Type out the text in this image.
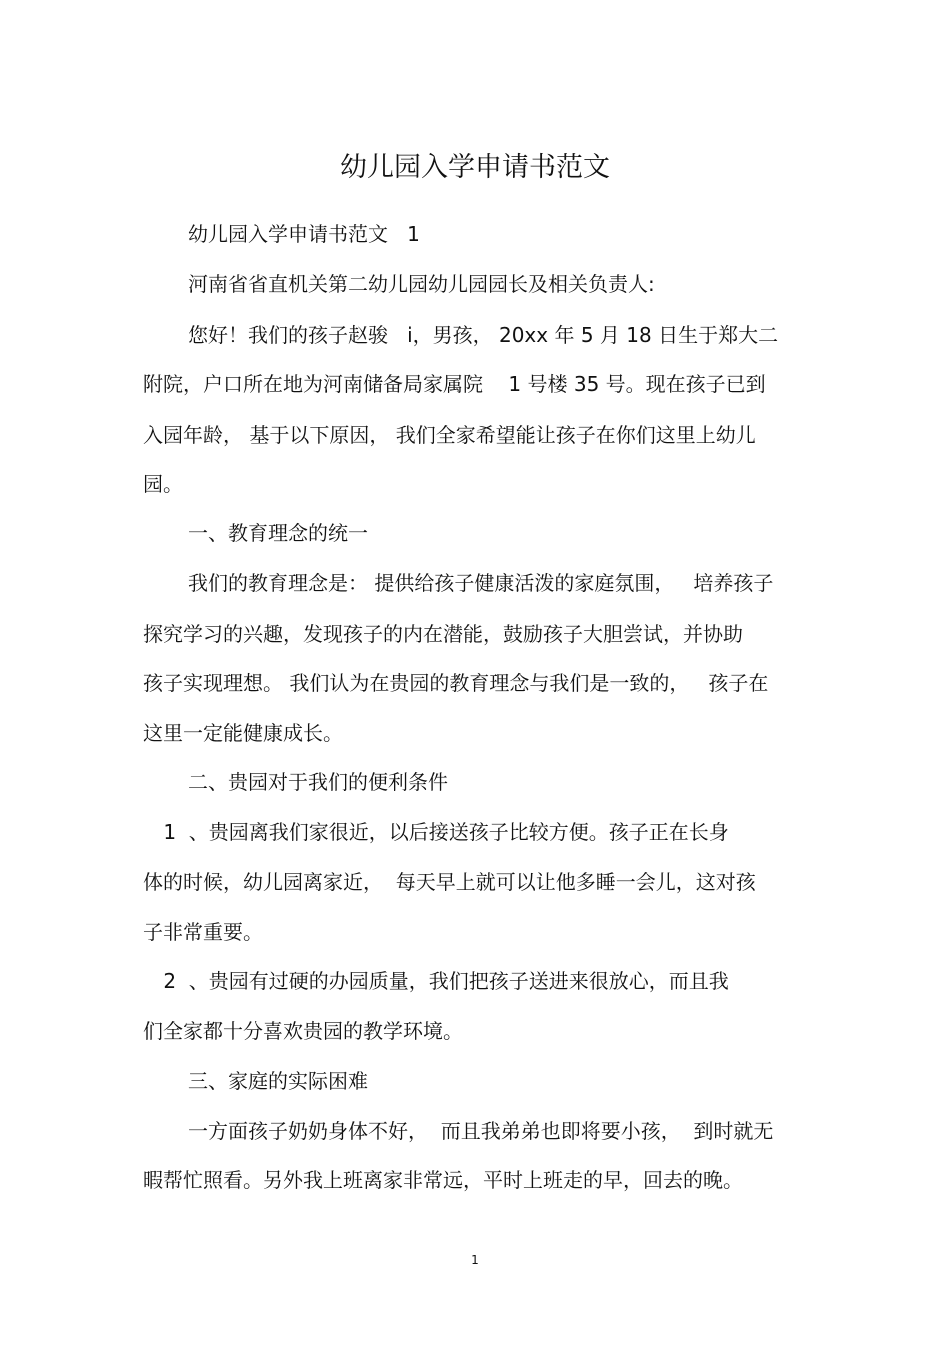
幼儿园入学申请书范文
幼儿园入学申请书范文   1
河南省省直机关第二幼儿园幼儿园园长及相关负责人:
您好！我们的孩子赵骏   i，男孩， 20xx 年 5 月 18 日生于郑大二
附院，户口所在地为河南储备局家属院    1 号楼 35 号。现在孩子已到
入园年龄， 基于以下原因， 我们全家希望能让孩子在你们这里上幼儿
园。
一、教育理念的统一
我们的教育理念是： 提供给孩子健康活泼的家庭氛围，   培养孩子
探究学习的兴趣，发现孩子的内在潜能，鼓励孩子大胆尝试，并协助
孩子实现理想。 我们认为在贵园的教育理念与我们是一致的，   孩子在
这里一定能健康成长。
二、贵园对于我们的便利条件
1  、贵园离我们家很近，以后接送孩子比较方便。孩子正在长身
体的时候，幼儿园离家近，  每天早上就可以让他多睡一会儿，这对孩
子非常重要。
2  、贵园有过硬的办园质量，我们把孩子送进来很放心，而且我
们全家都十分喜欢贵园的教学环境。
三、家庭的实际困难
一方面孩子奶奶身体不好，  而且我弟弟也即将要小孩，  到时就无
暇帮忙照看。另外我上班离家非常远，平时上班走的早，回去的晚。
1
